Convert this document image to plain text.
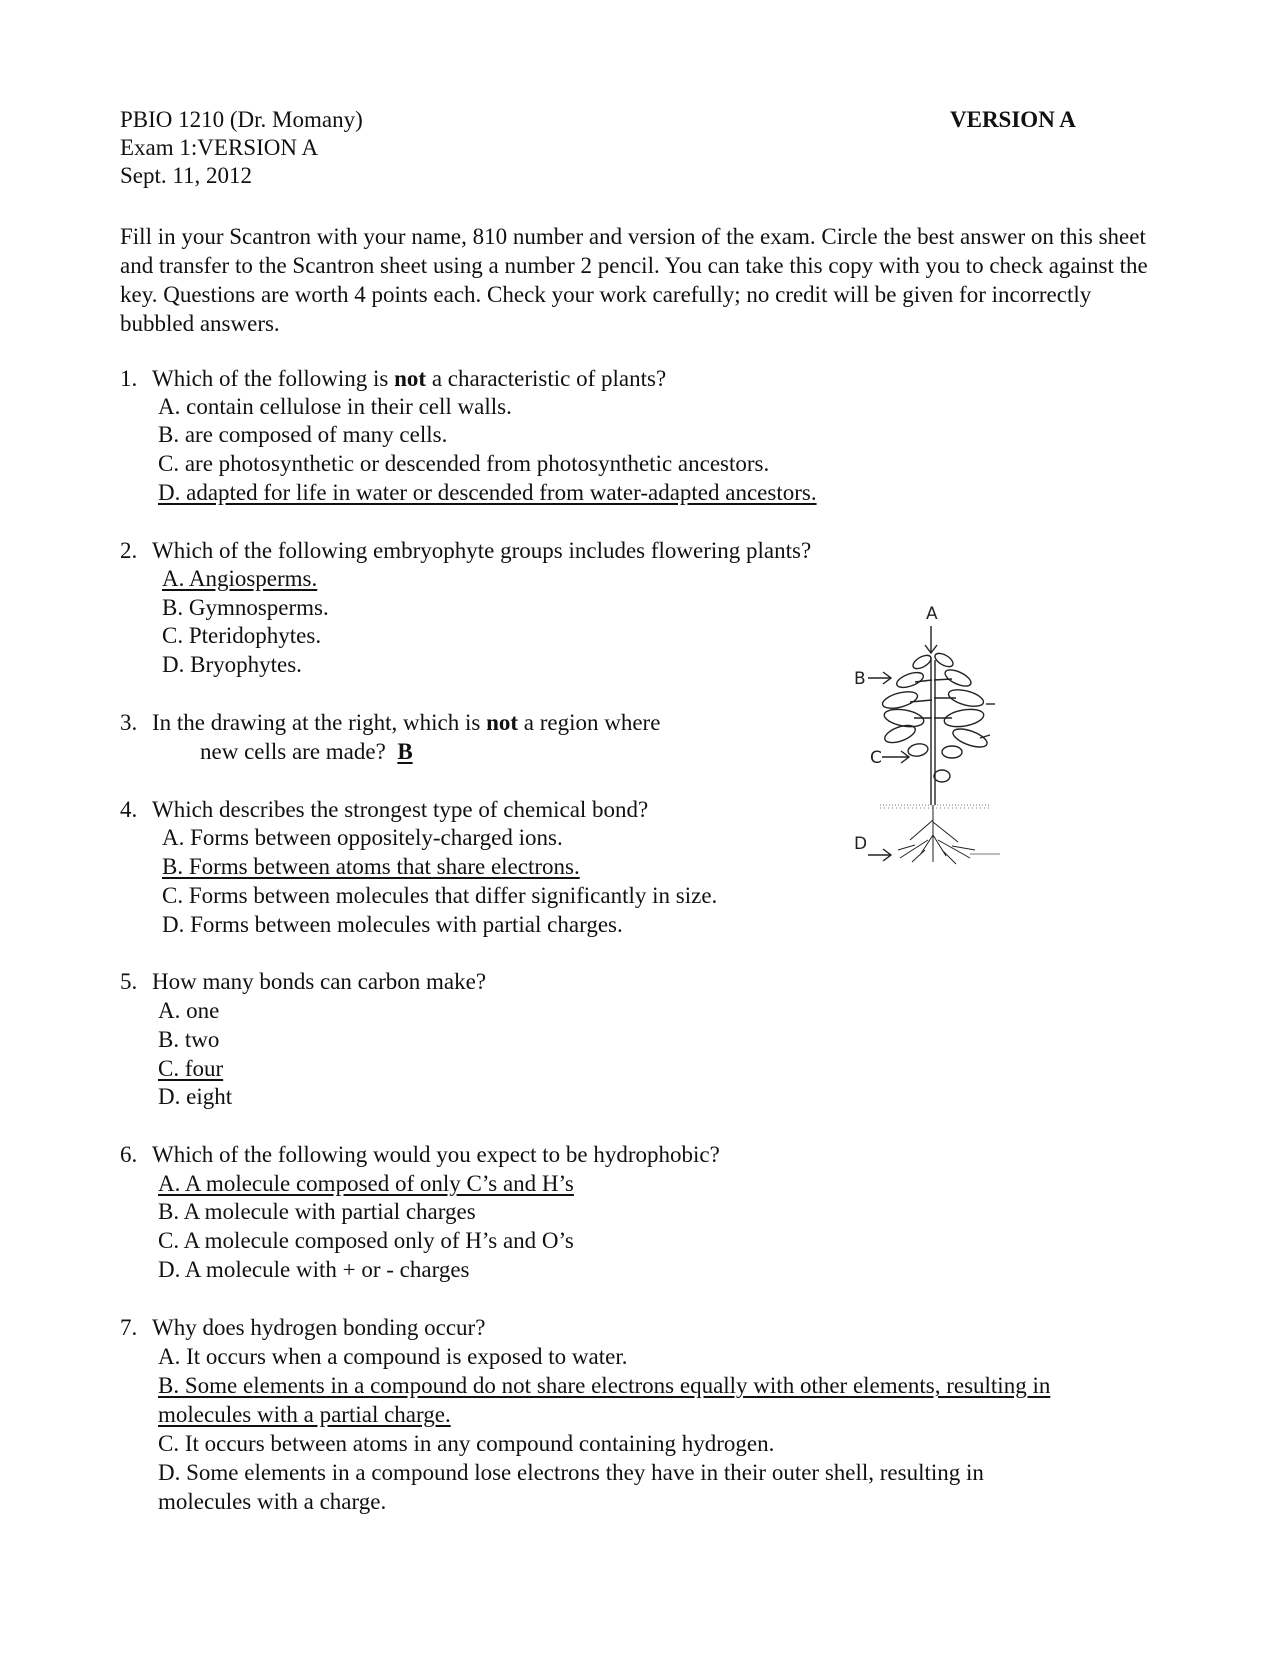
PBIO 1210 (Dr. Momany)	VERSION A
Exam 1:VERSION A
Sept. 11, 2012
Fill in your Scantron with your name, 810 number and version of the exam. Circle the best answer on this sheet and transfer to the Scantron sheet using a number 2 pencil. You can take this copy with you to check against the key. Questions are worth 4 points each. Check your work carefully; no credit will be given for incorrectly bubbled answers.
1. Which of the following is not a characteristic of plants?
A. contain cellulose in their cell walls.
B. are composed of many cells.
C. are photosynthetic or descended from photosynthetic ancestors.
D. adapted for life in water or descended from water-adapted ancestors.
2. Which of the following embryophyte groups includes flowering plants?
A. Angiosperms.
B. Gymnosperms.
C. Pteridophytes.
D. Bryophytes.
3. In the drawing at the right, which is not a region where
new cells are made? B
4. Which describes the strongest type of chemical bond?
A. Forms between oppositely-charged ions.
B. Forms between atoms that share electrons.
C. Forms between molecules that differ significantly in size.
D. Forms between molecules with partial charges.
5. How many bonds can carbon make?
A. one
B. two
C. four
D. eight
6. Which of the following would you expect to be hydrophobic?
A. A molecule composed of only C’s and H’s
B. A molecule with partial charges
C. A molecule composed only of H’s and O’s
D. A molecule with + or - charges
7. Why does hydrogen bonding occur?
A. It occurs when a compound is exposed to water.
B. Some elements in a compound do not share electrons equally with other elements, resulting in
molecules with a partial charge.
C. It occurs between atoms in any compound containing hydrogen.
D. Some elements in a compound lose electrons they have in their outer shell, resulting in
molecules with a charge.
A
B
C
D
